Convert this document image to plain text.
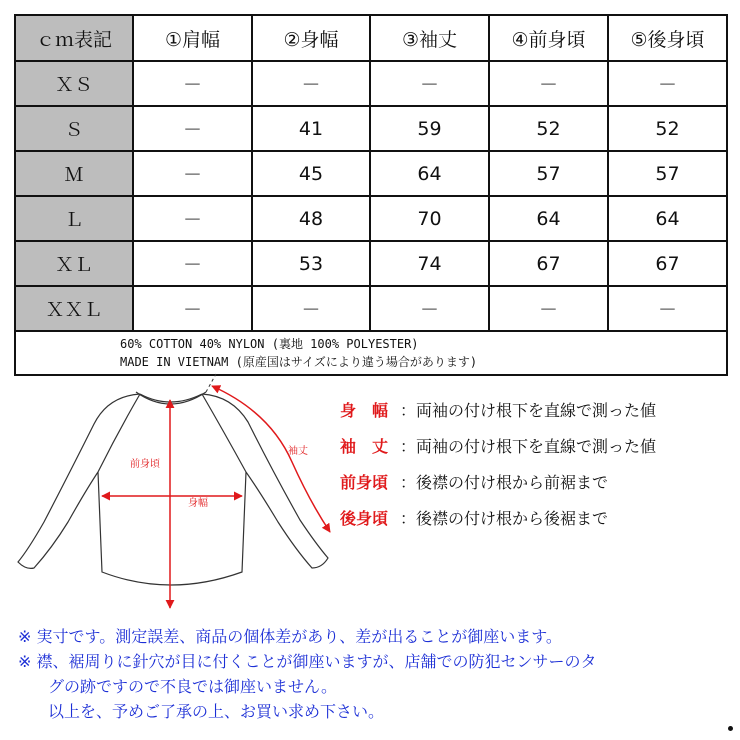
ｃｍ表記	①肩幅	②身幅	③袖丈	④前身頃	⑤後身頃
ＸＳ	－	－	－	－	－
Ｓ	－	41	59	52	52
Ｍ	－	45	64	57	57
Ｌ	－	48	70	64	64
ＸＬ	－	53	74	67	67
ＸＸＬ	－	－	－	－	－

60% COTTON 40% NYLON (裏地 100% POLYESTER)
MADE IN VIETNAM (原産国はサイズにより違う場合があります)					
前身頃
身幅
袖丈
身　幅 ：両袖の付け根下を直線で測った値
袖　丈 ：両袖の付け根下を直線で測った値
前身頃 ：後襟の付け根から前裾まで
後身頃 ：後襟の付け根から後裾まで
※ 実寸です。測定誤差、商品の個体差があり、差が出ることが御座います。
※ 襟、裾周りに針穴が目に付くことが御座いますが、店舗での防犯センサーのタ
グの跡ですので不良では御座いません。
以上を、予めご了承の上、お買い求め下さい。
